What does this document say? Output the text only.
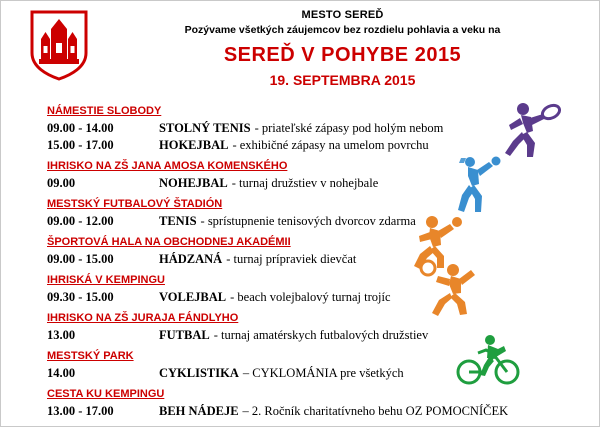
MESTO SEREĎ
Pozývame všetkých záujemcov bez rozdielu pohlavia a veku na
SEREĎ V POHYBE 2015
19. SEPTEMBRA 2015
NÁMESTIE SLOBODY
09.00 - 14.00	STOLNÝ TENIS - priateľské zápasy pod holým nebom
15.00 - 17.00	HOKEJBAL - exhibičné zápasy na umelom povrchu
IHRISKO NA ZŠ JANA AMOSA KOMENSKÉHO
09.00	NOHEJBAL - turnaj družstiev v nohejbale
MESTSKÝ FUTBALOVÝ ŠTADIÓN
09.00 - 12.00	TENIS - sprístupnenie tenisových dvorcov zdarma
ŠPORTOVÁ HALA NA OBCHODNEJ AKADÉMII
09.00 - 15.00	HÁDZANÁ - turnaj prípraviek dievčat
IHRISKÁ V KEMPINGU
09.30 - 15.00	VOLEJBAL - beach volejbalový turnaj trojíc
IHRISKO NA ZŠ JURAJA FÁNDLYHO
13.00	FUTBAL - turnaj amatérskych futbalových družstiev
MESTSKÝ PARK
14.00	CYKLISTIKA – CYKLOMÁNIA pre všetkých
CESTA KU KEMPINGU
13.00 - 17.00	BEH NÁDEJE – 2. Ročník charitatívneho behu OZ POMOCNÍČEK
